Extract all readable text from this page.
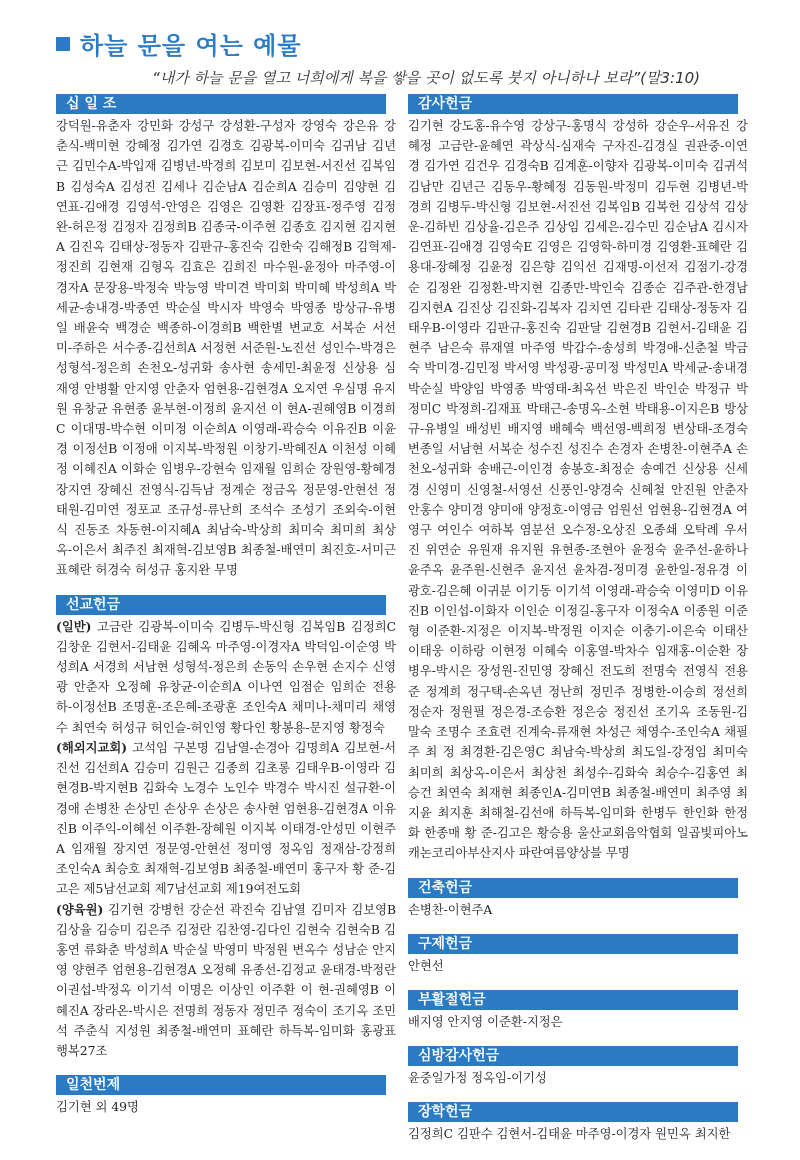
하늘 문을 여는 예물
“내가 하늘 문을 열고 너희에게 복을 쌓을 곳이 없도록 붓지 아니하나 보라”(말3:10)
십 일 조
강덕원-유춘자 강민화 강성구 강성환-구성자 강영숙 강은유 강춘식-백미현 강혜정 김가연 김경호 김광복-이미숙 김귀남 김년근 김민수A-박입재 김병년-박경희 김보미 김보현-서진선 김복임B 김성숙A 김성진 김세나 김순남A 김순희A 김승미 김양현 김연표-김애경 김영석-안영은 김영은 김영환 김장표-정주영 김정완-허은정 김정자 김정희B 김종국-이주현 김종호 김지현 김지현A 김진옥 김태상-정동자 김판규-홍진숙 김한숙 김해정B 김혁제-정진희 김현재 김형옥 김효은 김희진 마수원-윤정아 마주영-이경자A 문장용-박정숙 박능영 박미견 박미회 박미혜 박성희A 박세균-송내경-박종연 박순실 박시자 박영숙 박영종 방상규-유병일 배윤숙 백경순 백종하-이경희B 백한별 변교호 서복순 서선미-주하은 서수종-김선희A 서정현 서준원-노진선 성인수-박경은 성형석-정은희 손천오-성귀화 송사현 송세민-최윤정 신상용 심재영 안병활 안지영 안춘자 엄현용-김현경A 오지연 우심명 유지원 유창균 유현종 윤부현-이정희 윤지선 이 현A-권혜영B 이경희C 이대명-박수현 이미정 이순희A 이영래-곽승숙 이유진B 이윤경 이정선B 이정애 이지복-박정원 이창기-박혜진A 이천성 이혜정 이혜진A 이화순 임병우-강현숙 임재월 임희순 장원영-황혜경 장지연 장혜신 전영식-김득남 정계순 정금옥 정문영-안현선 정태원-김미연 정포교 조규성-류난희 조석수 조성기 조외숙-이현식 진동조 차동현-이지혜A 최남숙-박상희 최미숙 최미희 최상옥-이은서 최주진 최재혁-김보영B 최종철-배연미 최진호-서미근 표혜란 허경숙 허성규 홍지완 무명
선교헌금
(일반) 고금란 김광복-이미숙 김병두-박신형 김복임B 김정희C 김창운 김현서-김태윤 김혜옥 마주영-이경자A 박덕임-이순영 박성희A 서경희 서남현 성형석-정은희 손동익 손우현 손지수 신영광 안춘자 오정혜 유창균-이순희A 이나연 임점순 임희순 전용하-이정선B 조명훈-조은혜-조광훈 조인숙A 채미나-채미리 채영수 최연숙 허성규 허인슬-허인영 황다인 황봉용-문지영 황정숙
(해외지교회) 고석임 구본명 김남열-손경아 김명희A 김보현-서진선 김선희A 김승미 김원근 김종희 김초롱 김태우B-이영라 김현경B-박지현B 김화숙 노경수 노인수 박경수 박시진 설규환-이경애 손병찬 손상민 손상우 손상은 송사현 엄현용-김현경A 이유진B 이주익-이혜선 이주환-장혜원 이지복 이태경-안성민 이현주A 임재월 장지연 정문영-안현선 정미영 정옥임 정재삼-강정희 조인숙A 최승호 최재혁-김보영B 최종철-배연미 홍구자 황 준-김고은 제5남선교회 제7남선교회 제19여전도회
(양육원) 김기현 강병헌 강순선 곽진숙 김남열 김미자 김보영B 김상율 김승미 김은주 김정란 김찬영-김다인 김현숙 김현숙B 김홍연 류화춘 박성희A 박순실 박영미 박정원 변옥수 성남순 안지영 양현주 엄현용-김현경A 오정혜 유종선-김정교 윤태경-박정란 이권섭-박정옥 이기석 이명은 이상인 이주환 이 현-권혜영B 이혜진A 장라온-박시은 전명희 정동자 정민주 정숙이 조기옥 조민석 주춘식 지성원 최종철-배연미 표혜란 하득복-임미화 홍광표 행복27조
일천번제
김기현 외 49명
감사헌금
김기현 강도홍-유수영 강상구-홍명식 강성하 강순우-서유진 강혜정 고금란-윤혜연 곽상식-심재숙 구자진-김경실 권관중-이연경 김가연 김건우 김경숙B 김계훈-이향자 김광복-이미숙 김귀석 김남만 김년근 김동우-황혜정 김동원-박정미 김두현 김병년-박경희 김병두-박신형 김보현-서진선 김복임B 김복헌 김상석 김상운-김하빈 김상율-김은주 김상임 김세은-김수민 김순남A 김시자 김연표-김애경 김영숙E 김영은 김영학-하미경 김영환-표혜란 김용대-장혜정 김윤정 김은향 김익선 김재명-이선저 김점기-강경순 김정완 김정환-박지현 김종만-박인숙 김종순 김주관-한경남 김지현A 김진상 김진화-김복자 김치연 김타관 김태상-정동자 김태우B-이영라 김판규-홍진숙 김판달 김현경B 김현서-김태윤 김현주 남은숙 류재열 마주영 박갑수-송성희 박경애-신춘철 박금숙 박미경-김민정 박서영 박성광-공미정 박성민A 박세균-송내경 박순실 박양임 박영종 박영태-최옥선 박은진 박인순 박정규 박정미C 박정희-김재표 박태근-송명옥-소현 박태용-이지은B 방상규-유병일 배성빈 배지영 배혜숙 백선영-백희정 변상태-조경숙 변종일 서남현 서복순 성수진 성진수 손경자 손병찬-이현주A 손천오-성귀화 송배근-이인경 송봉호-최정순 송예건 신상용 신세경 신영미 신영철-서영선 신풍인-양경숙 신혜철 안진원 안춘자 안홍수 양미경 양미애 양정호-이영금 엄원선 엄현용-김현경A 여영구 여인수 여하복 염분선 오수정-오상진 오종쇄 오탁례 우서진 위연순 유원재 유지원 유현종-조현아 윤정숙 윤주선-윤하나 윤주옥 윤주원-신현주 윤지선 윤차겸-정미경 윤한일-정유경 이광호-김은혜 이귀분 이기동 이기석 이영래-곽승숙 이영미D 이유진B 이인섭-이화자 이인순 이정길-홍구자 이정숙A 이종원 이준형 이준환-지정은 이지복-박정원 이지순 이충기-이은숙 이태산 이태웅 이하랑 이현정 이혜숙 이홍열-박차수 임재홍-이순환 장병우-박시은 장성원-진민영 장혜신 전도희 전명숙 전영식 전용준 정계희 정구택-손옥년 정난희 정민주 정병한-이승희 정선희 정순자 정원필 정은경-조승환 정은숭 정진선 조기옥 조동원-김말숙 조명수 조효련 진계숙-류재현 차성근 채영수-조인숙A 채필주 최 정 최경환-김은영C 최남숙-박상희 최도일-강정임 최미숙 최미희 최상옥-이은서 최상천 최성수-김화숙 최승수-김홍연 최승건 최연숙 최재현 최종인A-김미연B 최종철-배연미 최주영 최지윤 최지훈 최해철-김선애 하득복-임미화 한병두 한인화 한정화 한종매 황 준-김고은 황승용 울산교회음악협회 일곱빛피아노 캐논코리아부산지사 파란여름양상블 무명
건축헌금
손병찬-이현주A
구제헌금
안현선
부활절헌금
배지영 안지영 이준환-지정은
심방감사헌금
윤중일가정 정옥임-이기성
장학헌금
김정희C 김판수 김현서-김태윤 마주영-이경자 원민옥 최지한
